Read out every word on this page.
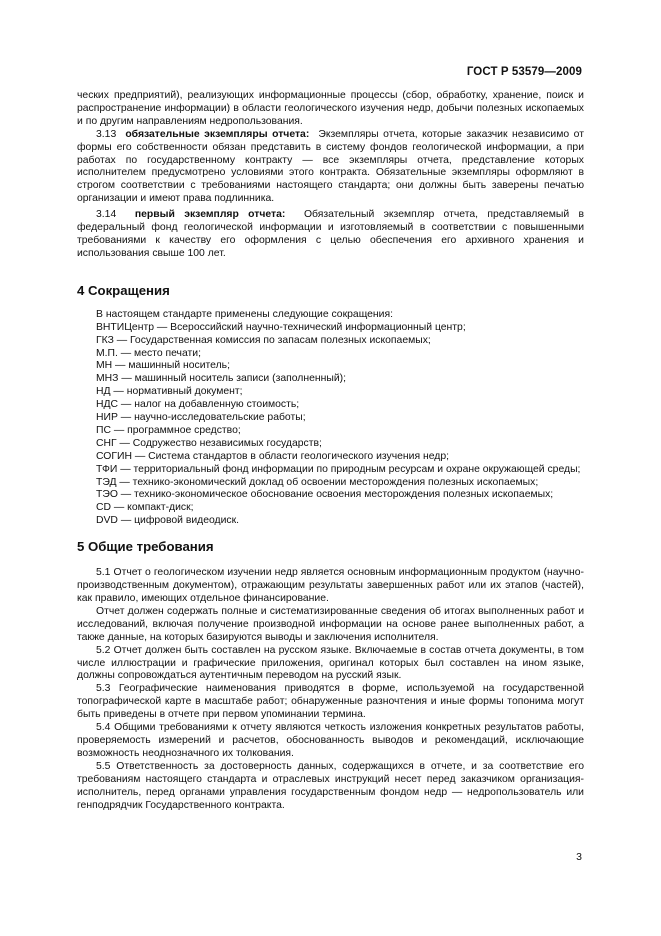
ГОСТ Р 53579—2009

ческих предприятий), реализующих информационные процессы (сбор, обработку, хранение, поиск и распространение информации) в области геологического изучения недр, добычи полезных ископаемых и по другим направлениям недропользования.

3.13 обязательные экземпляры отчета: Экземпляры отчета, которые заказчик независимо от формы его собственности обязан представить в систему фондов геологической информации, а при работах по государственному контракту — все экземпляры отчета, представление которых исполнителем предусмотрено условиями этого контракта. Обязательные экземпляры оформляют в строгом соответствии с требованиями настоящего стандарта; они должны быть заверены печатью организации и имеют права подлинника.

3.14 первый экземпляр отчета: Обязательный экземпляр отчета, представляемый в федеральный фонд геологической информации и изготовляемый в соответствии с повышенными требованиями к качеству его оформления с целью обеспечения его архивного хранения и использования свыше 100 лет.

4 Сокращения

В настоящем стандарте применены следующие сокращения:

ВНТИЦентр — Всероссийский научно-технический информационный центр;

ГКЗ — Государственная комиссия по запасам полезных ископаемых;

М.П. — место печати;

МН — машинный носитель;

МНЗ — машинный носитель записи (заполненный);

НД — нормативный документ;

НДС — налог на добавленную стоимость;

НИР — научно-исследовательские работы;

ПС — программное средство;

СНГ — Содружество независимых государств;

СОГИН — Система стандартов в области геологического изучения недр;

ТФИ — территориальный фонд информации по природным ресурсам и охране окружающей среды;

ТЭД — технико-экономический доклад об освоении месторождения полезных ископаемых;

ТЭО — технико-экономическое обоснование освоения месторождения полезных ископаемых;

CD — компакт-диск;

DVD — цифровой видеодиск.

5 Общие требования

5.1 Отчет о геологическом изучении недр является основным информационным продуктом (научно-производственным документом), отражающим результаты завершенных работ или их этапов (частей), как правило, имеющих отдельное финансирование.

Отчет должен содержать полные и систематизированные сведения об итогах выполненных работ и исследований, включая получение производной информации на основе ранее выполненных работ, а также данные, на которых базируются выводы и заключения исполнителя.

5.2 Отчет должен быть составлен на русском языке. Включаемые в состав отчета документы, в том числе иллюстрации и графические приложения, оригинал которых был составлен на ином языке, должны сопровождаться аутентичным переводом на русский язык.

5.3 Географические наименования приводятся в форме, используемой на государственной топографической карте в масштабе работ; обнаруженные разночтения и иные формы топонима могут быть приведены в отчете при первом упоминании термина.

5.4 Общими требованиями к отчету являются четкость изложения конкретных результатов работы, проверяемость измерений и расчетов, обоснованность выводов и рекомендаций, исключающие возможность неоднозначного их толкования.

5.5 Ответственность за достоверность данных, содержащихся в отчете, и за соответствие его требованиям настоящего стандарта и отраслевых инструкций несет перед заказчиком организация-исполнитель, перед органами управления государственным фондом недр — недропользователь или генподрядчик Государственного контракта.

3
